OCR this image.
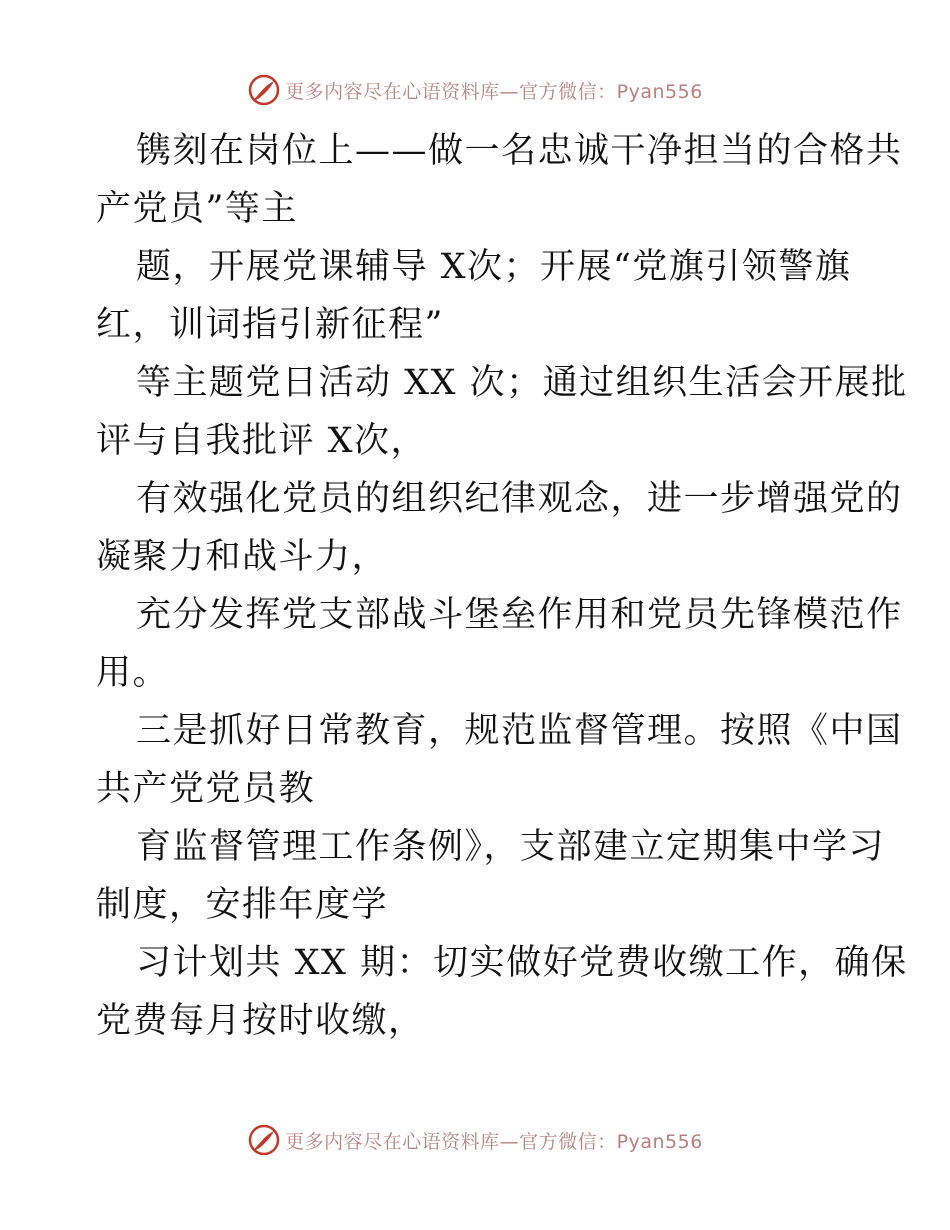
更多内容尽在心语资料库—官方微信：Pyan556

镌刻在岗位上——做一名忠诚干净担当的合格共
产党员”等主

题，开展党课辅导 X次；开展“党旗引领警旗
红，训词指引新征程”

等主题党日活动 XX 次；通过组织生活会开展批
评与自我批评 X次，

有效强化党员的组织纪律观念，进一步增强党的
凝聚力和战斗力，

充分发挥党支部战斗堡垒作用和党员先锋模范作
用。

三是抓好日常教育，规范监督管理。按照《中国
共产党党员教

育监督管理工作条例》，支部建立定期集中学习
制度，安排年度学

习计划共 XX 期：切实做好党费收缴工作，确保
党费每月按时收缴，

更多内容尽在心语资料库—官方微信：Pyan556
